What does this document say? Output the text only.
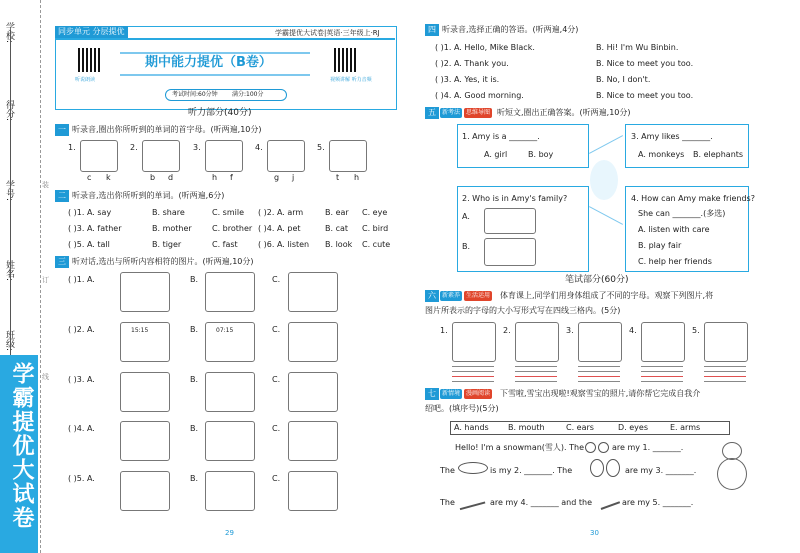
得分:
学号:
姓名:
班级:
学校:
装
订
线
学霸提优大试卷
同步单元 分层提优	学霸提优大试卷|英语·三年级上·RJ
听说朗读	视频讲解 听力音频
期中能力提优（B卷）
考试时间:60分钟 满分:100分
听力部分(40分)
一 听录音,圈出你所听到的单词的首字母。(听两遍,10分)
1.
c k
2.
b d
3.
h f
4.
g j
5.
t h
二 听录音,选出你所听到的单词。(听两遍,6分)
( )1. A. say	B. share	C. smile ( )2. A. arm	B. ear C. eye
( )3. A. father	B. mother	C. brother ( )4. A. pet	B. cat C. bird
( )5. A. tall	B. tiger	C. fast	( )6. A. listen B. look C. cute
三 听对话,选出与所听内容相符的图片。(听两遍,10分)
( )1. A.	B.	C.
( )2. A.	15:15	B.	07:15	C.
( )3. A.	B.	C.
( )4. A.	B.	C.
( )5. A.	B.	C.
29
四 听录音,选择正确的答语。(听两遍,4分)
( )1. A. Hello, Mike Black.	B. Hi! I'm Wu Binbin.
( )2. A. Thank you.	B. Nice to meet you too.
( )3. A. Yes, it is.	B. No, I don't.
( )4. A. Good morning.	B. Nice to meet you too.
五	新考法 思维导图 听短文,圈出正确答案。(听两遍,10分)
1. Amy is a _______.
A. girl	B. boy
2. Who is in Amy's family?
A.
B.
3. Amy likes _______.
A. monkeys B. elephants
4. How can Amy make friends?
She can _______.(多选)
A. listen with care
B. play fair
C. help her friends
笔试部分(60分)
六	新素养 生活运用 体育课上,同学们用身体组成了不同的字母。观察下列图片,将
图片所表示的字母的大小写形式写在四线三格内。(5分)
1.	2.	3.	4.	5.
七	新情境 漫画阅读 下雪啦,雪宝出现啦!观察雪宝的照片,请你帮它完成自我介
绍吧。(填序号)(5分)
A. hands B. mouth	C. ears	D. eyes	E. arms
Hello! I'm a snowman(雪人). The	are my 1. _______.
The	is my 2. _______. The	are my 3. _______.
The	are my 4. _______ and the	are my 5. _______.
30
